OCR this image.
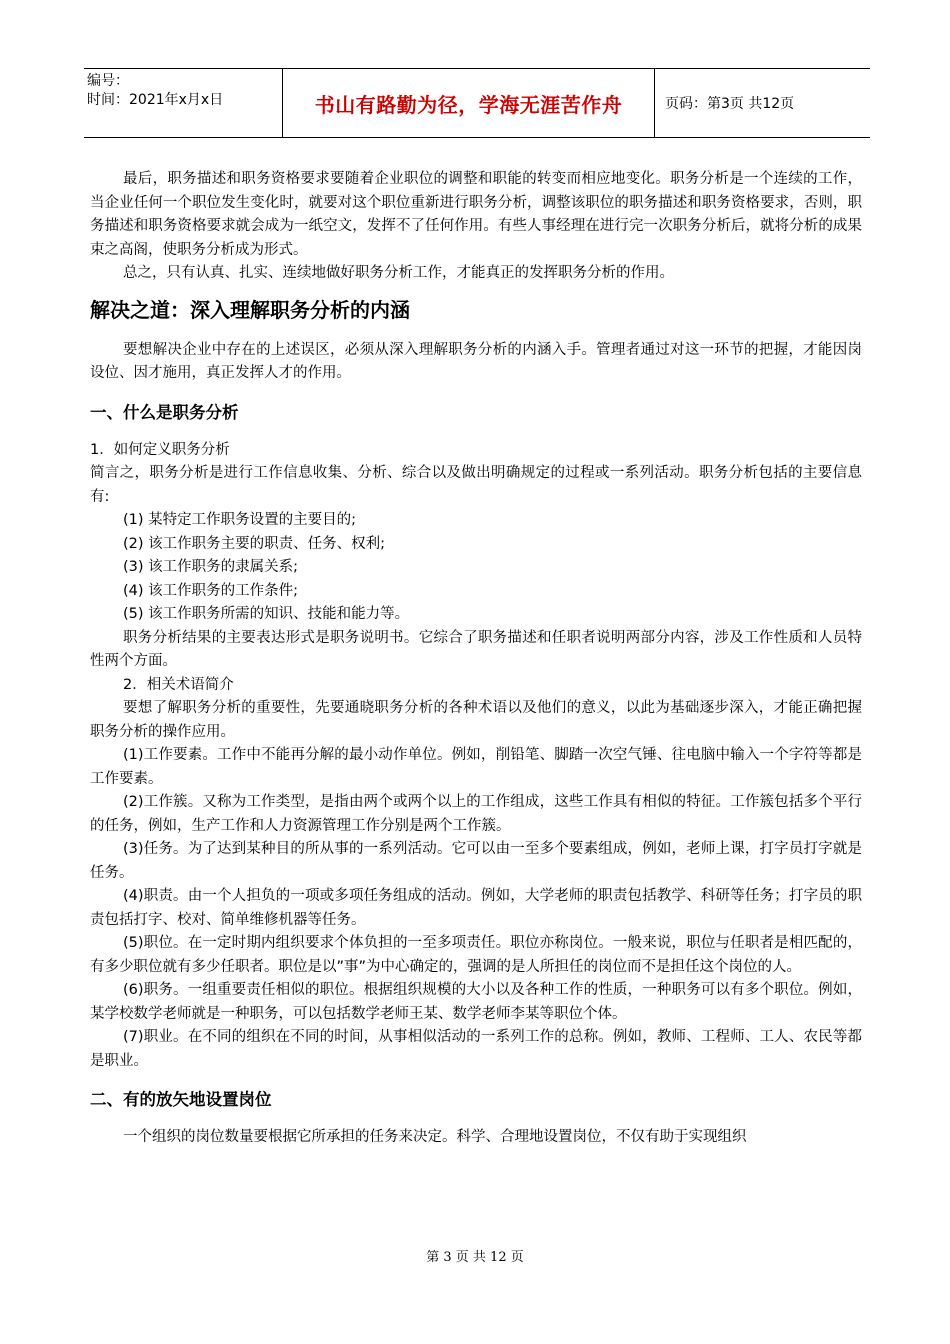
编号：
时间：2021年x月x日	书山有路勤为径，学海无涯苦作舟	页码：第3页 共12页

最后，职务描述和职务资格要求要随着企业职位的调整和职能的转变而相应地变化。职务分析是一个连续的工作，当企业任何一个职位发生变化时，就要对这个职位重新进行职务分析，调整该职位的职务描述和职务资格要求，否则，职务描述和职务资格要求就会成为一纸空文，发挥不了任何作用。有些人事经理在进行完一次职务分析后，就将分析的成果束之高阁，使职务分析成为形式。

总之，只有认真、扎实、连续地做好职务分析工作，才能真正的发挥职务分析的作用。

解决之道：深入理解职务分析的内涵

要想解决企业中存在的上述误区，必须从深入理解职务分析的内涵入手。管理者通过对这一环节的把握，才能因岗设位、因才施用，真正发挥人才的作用。

一、什么是职务分析

1．如何定义职务分析

简言之，职务分析是进行工作信息收集、分析、综合以及做出明确规定的过程或一系列活动。职务分析包括的主要信息有:

(1) 某特定工作职务设置的主要目的;

(2) 该工作职务主要的职责、任务、权利;

(3) 该工作职务的隶属关系;

(4) 该工作职务的工作条件;

(5) 该工作职务所需的知识、技能和能力等。

职务分析结果的主要表达形式是职务说明书。它综合了职务描述和任职者说明两部分内容，涉及工作性质和人员特性两个方面。

2．相关术语简介

要想了解职务分析的重要性，先要通晓职务分析的各种术语以及他们的意义，以此为基础逐步深入，才能正确把握职务分析的操作应用。

(1)工作要素。工作中不能再分解的最小动作单位。例如，削铅笔、脚踏一次空气锤、往电脑中输入一个字符等都是工作要素。

(2)工作簇。又称为工作类型，是指由两个或两个以上的工作组成，这些工作具有相似的特征。工作簇包括多个平行的任务，例如，生产工作和人力资源管理工作分别是两个工作簇。

(3)任务。为了达到某种目的所从事的一系列活动。它可以由一至多个要素组成，例如，老师上课，打字员打字就是任务。

(4)职责。由一个人担负的一项或多项任务组成的活动。例如，大学老师的职责包括教学、科研等任务；打字员的职责包括打字、校对、简单维修机器等任务。

(5)职位。在一定时期内组织要求个体负担的一至多项责任。职位亦称岗位。一般来说，职位与任职者是相匹配的，有多少职位就有多少任职者。职位是以”事”为中心确定的，强调的是人所担任的岗位而不是担任这个岗位的人。

(6)职务。一组重要责任相似的职位。根据组织规模的大小以及各种工作的性质，一种职务可以有多个职位。例如，某学校数学老师就是一种职务，可以包括数学老师王某、数学老师李某等职位个体。

(7)职业。在不同的组织在不同的时间，从事相似活动的一系列工作的总称。例如，教师、工程师、工人、农民等都是职业。

二、有的放矢地设置岗位

一个组织的岗位数量要根据它所承担的任务来决定。科学、合理地设置岗位，不仅有助于实现组织

第 3 页 共 12 页
